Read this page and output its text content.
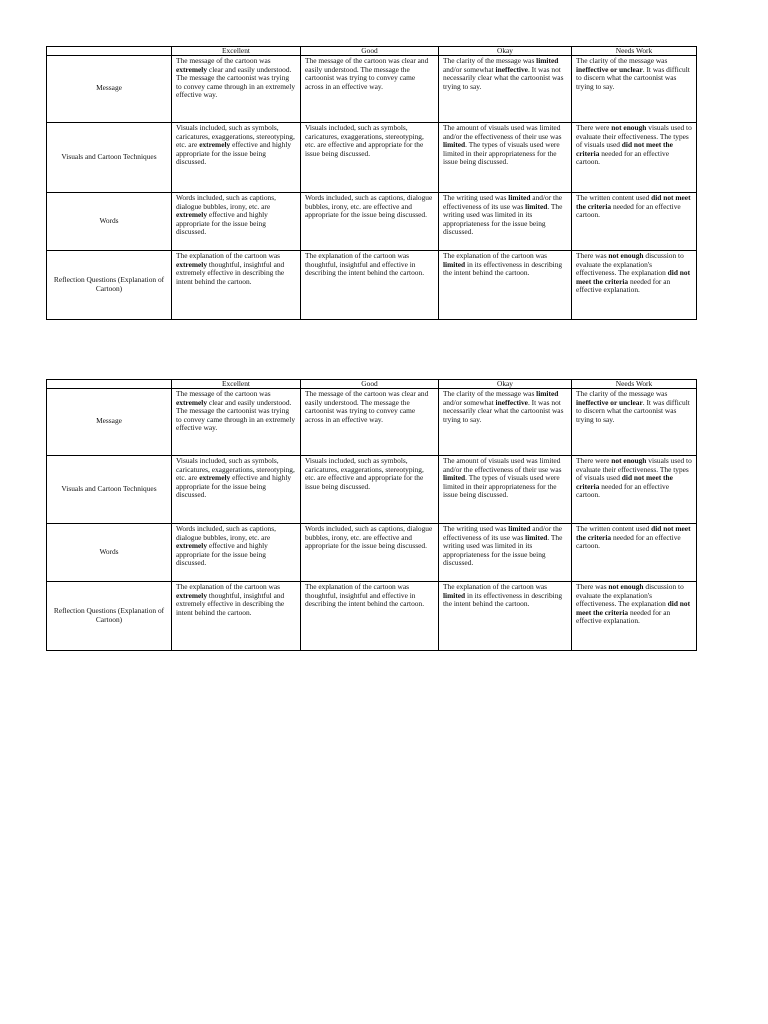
	Excellent	Good	Okay	Needs Work
Message	The message of the cartoon was extremely clear and easily understood. The message the cartoonist was trying to convey came through in an extremely effective way.	The message of the cartoon was clear and easily understood. The message the cartoonist was trying to convey came across in an effective way.	The clarity of the message was limited and/or somewhat ineffective. It was not necessarily clear what the cartoonist was trying to say.	The clarity of the message was ineffective or unclear. It was difficult to discern what the cartoonist was trying to say.
Visuals and Cartoon Techniques	Visuals included, such as symbols, caricatures, exaggerations, stereotyping, etc. are extremely effective and highly appropriate for the issue being discussed.	Visuals included, such as symbols, caricatures, exaggerations, stereotyping, etc. are effective and appropriate for the issue being discussed.	The amount of visuals used was limited and/or the effectiveness of their use was limited. The types of visuals used were limited in their appropriateness for the issue being discussed.	There were not enough visuals used to evaluate their effectiveness. The types of visuals used did not meet the criteria needed for an effective cartoon.
Words	Words included, such as captions, dialogue bubbles, irony, etc. are extremely effective and highly appropriate for the issue being discussed.	Words included, such as captions, dialogue bubbles, irony, etc. are effective and appropriate for the issue being discussed.	The writing used was limited and/or the effectiveness of its use was limited. The writing used was limited in its appropriateness for the issue being discussed.	The written content used did not meet the criteria needed for an effective cartoon.
Reflection Questions (Explanation of Cartoon)	The explanation of the cartoon was extremely thoughtful, insightful and extremely effective in describing the intent behind the cartoon.	The explanation of the cartoon was thoughtful, insightful and effective in describing the intent behind the cartoon.	The explanation of the cartoon was limited in its effectiveness in describing the intent behind the cartoon.	There was not enough discussion to evaluate the explanation's effectiveness. The explanation did not meet the criteria needed for an effective explanation.
	Excellent	Good	Okay	Needs Work
Message	The message of the cartoon was extremely clear and easily understood. The message the cartoonist was trying to convey came through in an extremely effective way.	The message of the cartoon was clear and easily understood. The message the cartoonist was trying to convey came across in an effective way.	The clarity of the message was limited and/or somewhat ineffective. It was not necessarily clear what the cartoonist was trying to say.	The clarity of the message was ineffective or unclear. It was difficult to discern what the cartoonist was trying to say.
Visuals and Cartoon Techniques	Visuals included, such as symbols, caricatures, exaggerations, stereotyping, etc. are extremely effective and highly appropriate for the issue being discussed.	Visuals included, such as symbols, caricatures, exaggerations, stereotyping, etc. are effective and appropriate for the issue being discussed.	The amount of visuals used was limited and/or the effectiveness of their use was limited. The types of visuals used were limited in their appropriateness for the issue being discussed.	There were not enough visuals used to evaluate their effectiveness. The types of visuals used did not meet the criteria needed for an effective cartoon.
Words	Words included, such as captions, dialogue bubbles, irony, etc. are extremely effective and highly appropriate for the issue being discussed.	Words included, such as captions, dialogue bubbles, irony, etc. are effective and appropriate for the issue being discussed.	The writing used was limited and/or the effectiveness of its use was limited. The writing used was limited in its appropriateness for the issue being discussed.	The written content used did not meet the criteria needed for an effective cartoon.
Reflection Questions (Explanation of Cartoon)	The explanation of the cartoon was extremely thoughtful, insightful and extremely effective in describing the intent behind the cartoon.	The explanation of the cartoon was thoughtful, insightful and effective in describing the intent behind the cartoon.	The explanation of the cartoon was limited in its effectiveness in describing the intent behind the cartoon.	There was not enough discussion to evaluate the explanation's effectiveness. The explanation did not meet the criteria needed for an effective explanation.
